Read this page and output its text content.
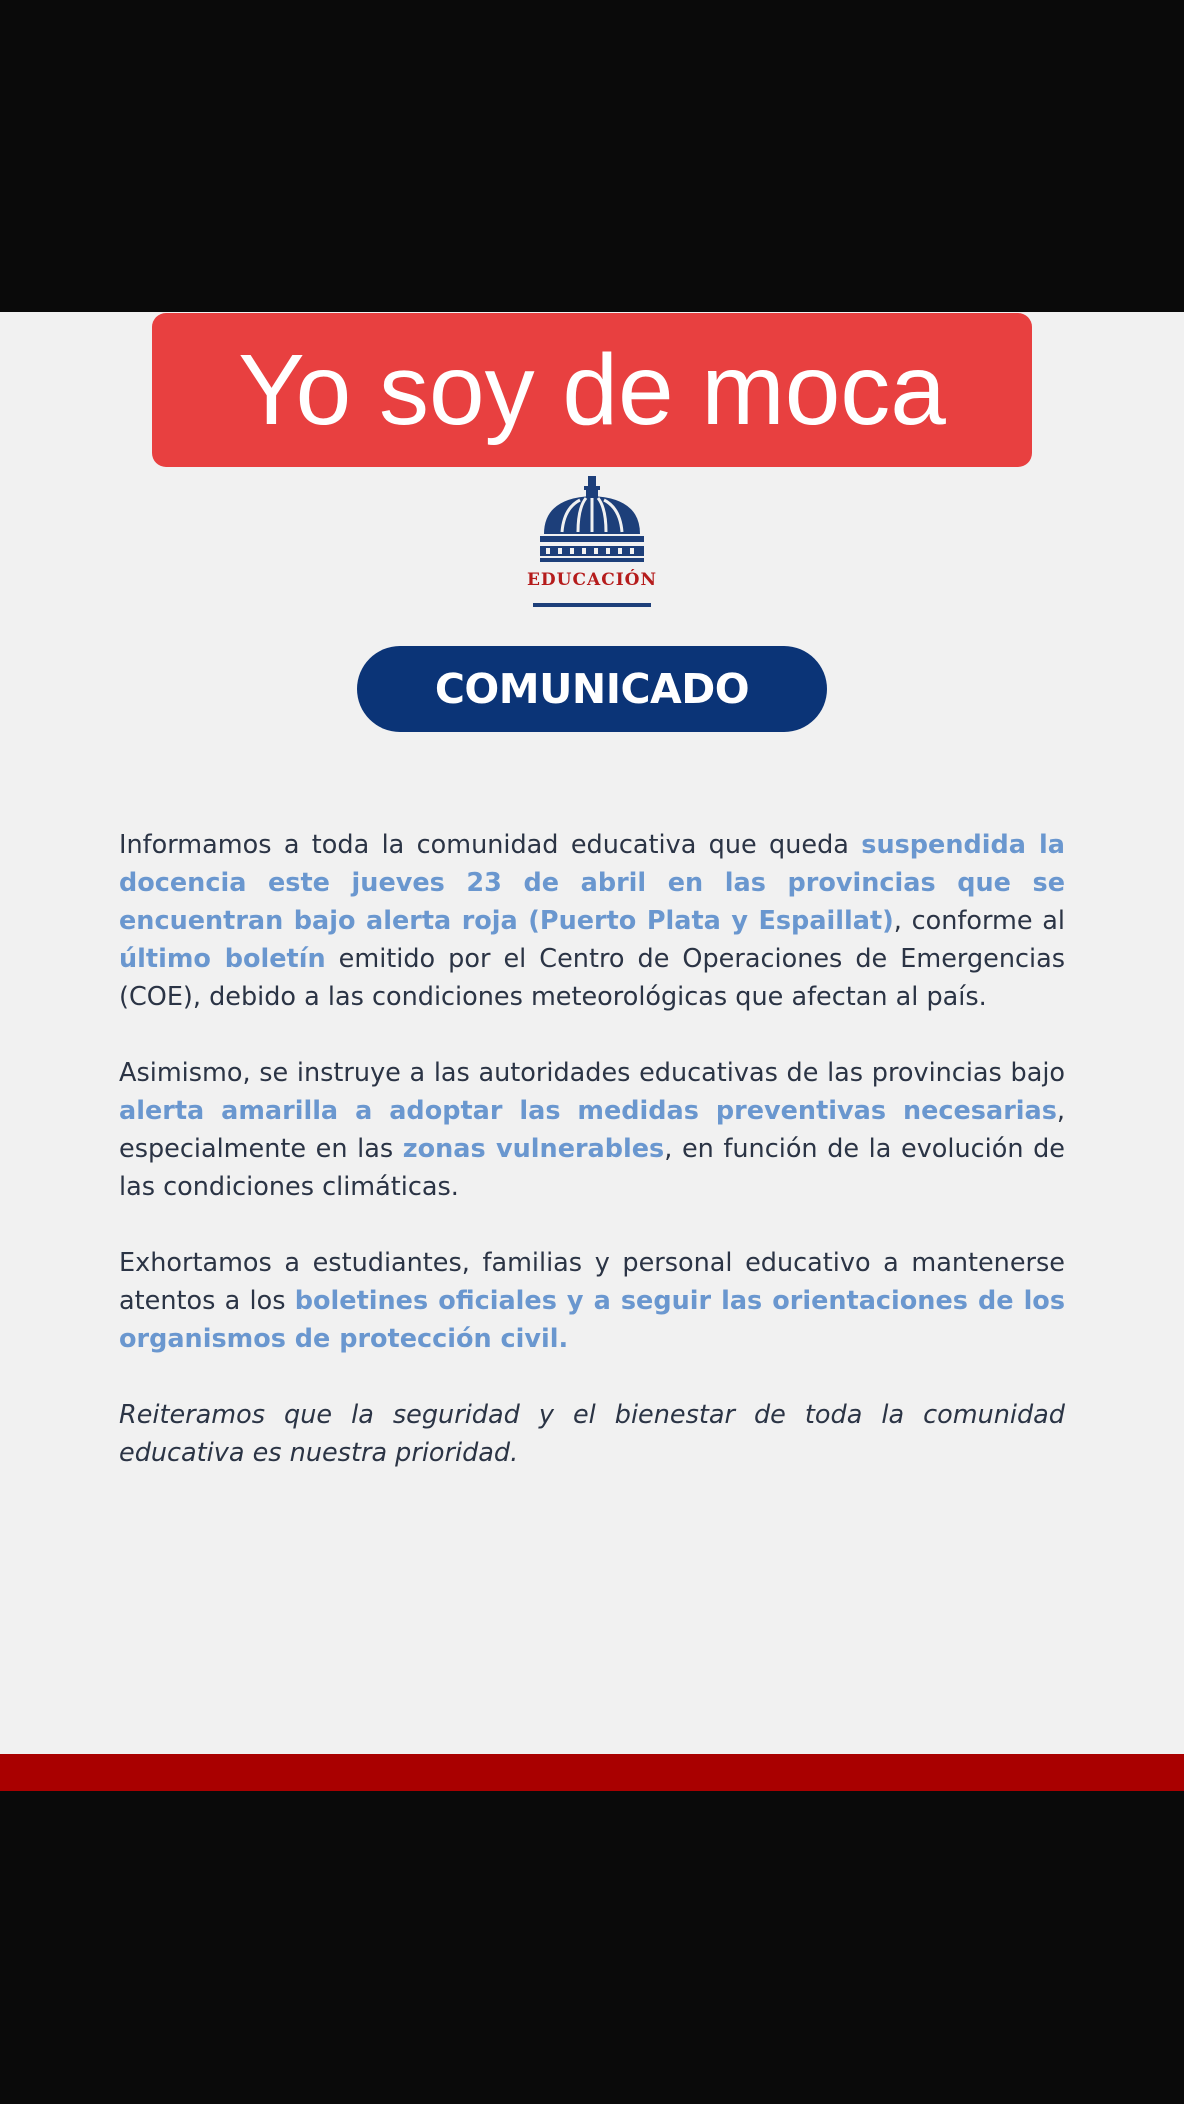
Yo soy de moca
EDUCACIÓN
COMUNICADO

Informamos a toda la comunidad educativa que queda suspendida la docencia este jueves 23 de abril en las provincias que se encuentran bajo alerta roja (Puerto Plata y Espaillat), conforme al último boletín emitido por el Centro de Operaciones de Emergencias (COE), debido a las condiciones meteorológicas que afectan al país.

Asimismo, se instruye a las autoridades educativas de las provincias bajo alerta amarilla a adoptar las medidas preventivas necesarias, especialmente en las zonas vulnerables, en función de la evolución de las condiciones climáticas.

Exhortamos a estudiantes, familias y personal educativo a mantenerse atentos a los boletines oficiales y a seguir las orientaciones de los organismos de protección civil.

Reiteramos que la seguridad y el bienestar de toda la comunidad educativa es nuestra prioridad.
